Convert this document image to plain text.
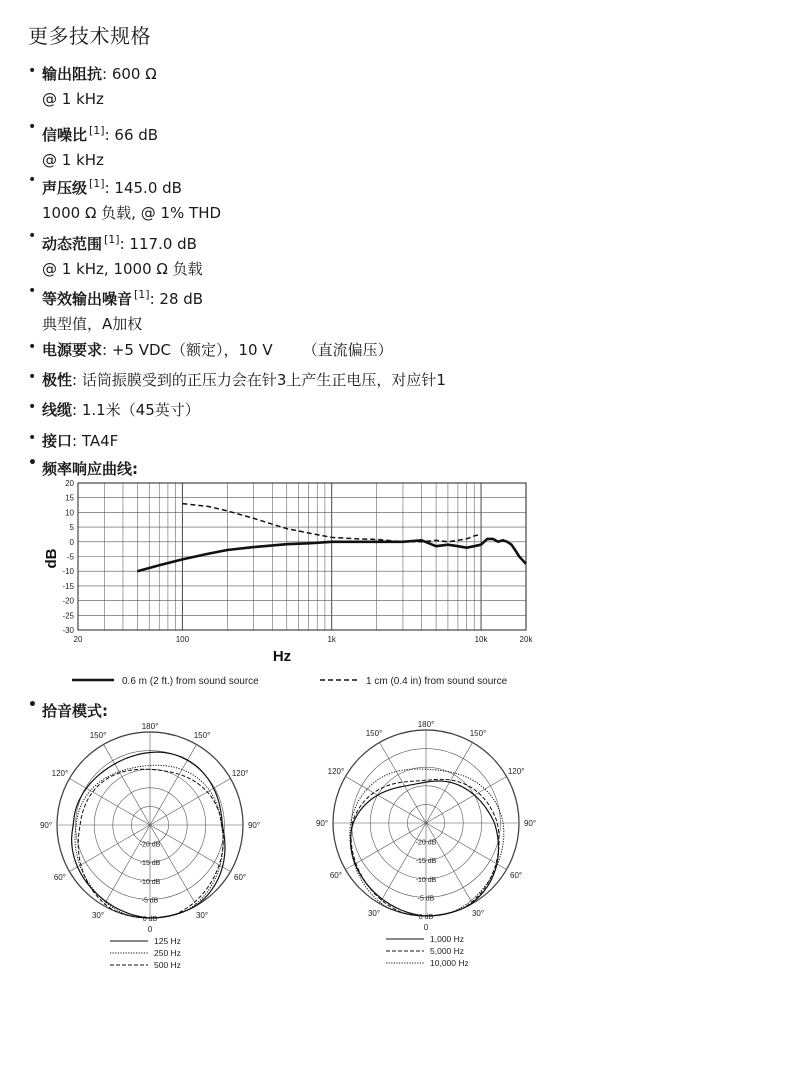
更多技术规格
• 输出阻抗: 600 Ω
@ 1 kHz
• 信噪比 [1]: 66 dB
@ 1 kHz
• 声压级 [1]: 145.0 dB
1000 Ω 负载, @ 1% THD
• 动态范围 [1]: 117.0 dB
@ 1 kHz, 1000 Ω 负载
• 等效输出噪音 [1]: 28 dB
典型值，A加权
• 电源要求: +5 VDC（额定），10 V （直流偏压）
• 极性: 话筒振膜受到的正压力会在针3上产生正电压，对应针1
• 线缆: 1.1米（45英寸）
• 接口: TA4F
• 频率响应曲线:
20
15
10
5
0
-5
-10
-15
-20
-25
-30
20	100	1k	10k	20k
Hz
dB
0.6 m (2 ft.) from sound source	1 cm (0.4 in) from sound source
• 拾音模式:
180°
150°	150°
120°	120°
90°	90°
60°	60°
30°	30°
0
-20 dB
-15 dB
-10 dB
-5 dB
0 dB
125 Hz
250 Hz
500 Hz
180°
150°	150°
120°	120°
90°	90°
60°	60°
30°	30°
0
-20 dB
-15 dB
-10 dB
-5 dB
0 dB
1,000 Hz
5,000 Hz
10,000 Hz
